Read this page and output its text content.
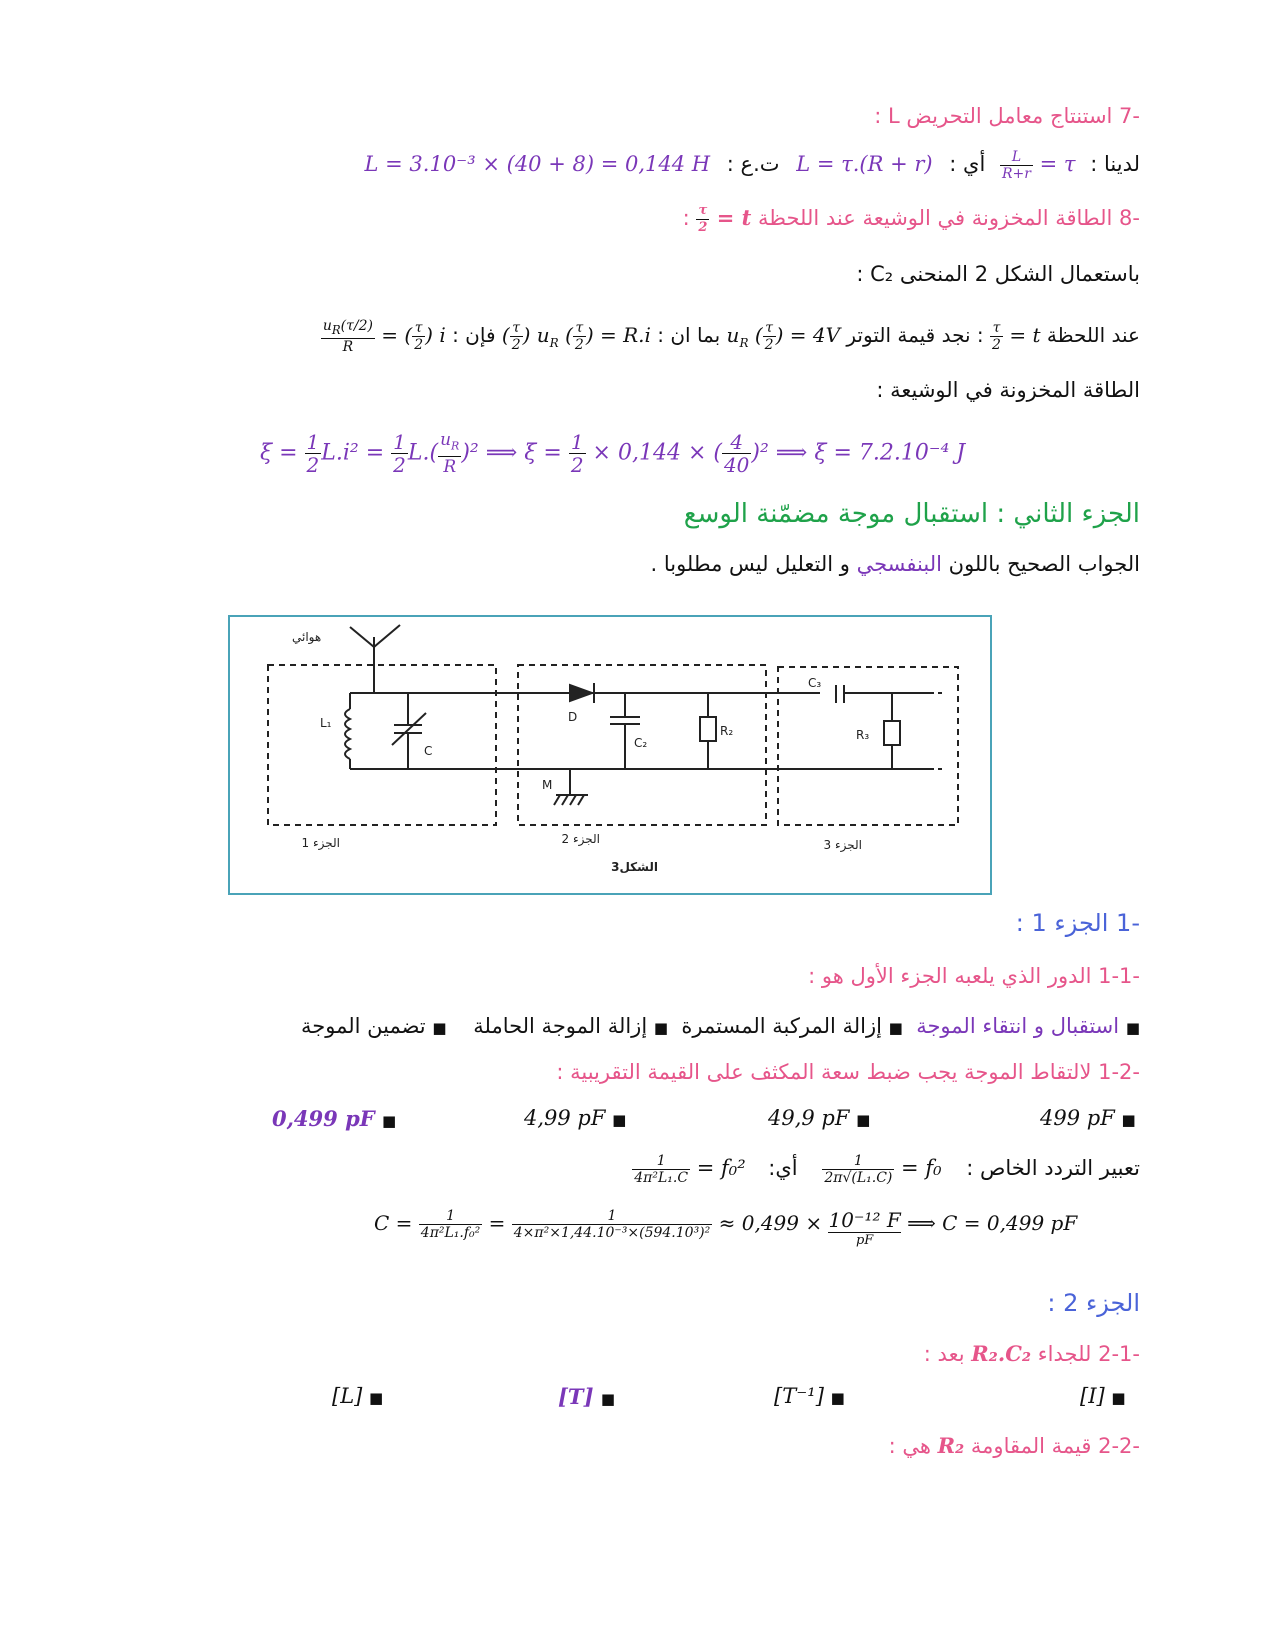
-7 استنتاج معامل التحريض L :
لدينا : τ =
$\frac{L}{R+r}$
أي : L = τ.(R + r) ت.ع : L = 3.10⁻³ × (40 + 8) = 0,144 H
-8 الطاقة المخزونة في الوشيعة عند اللحظة t =
$\frac{\tau}{2}$
:
باستعمال الشكل 2 المنحنى C₂ :
عند اللحظة t =
$\frac{\tau}{2}$
: نجد قيمة التوتر $u_R$ ( $\frac{\tau}{2}$ ) = 4V بما ان : $u_R$ ( $\frac{\tau}{2}$
) = R.i (
$\frac{\tau}{2}$
) فإن : i (
$\frac{\tau}{2}$
) =
$\frac{u_R(\tau/2)}{R}$
الطاقة المخزونة في الوشيعة :
$\xi = \frac{1}{2} L.i^2 = \frac{1}{2} L.( \frac{u_R}{R} )^2$ ⟹ $\xi = \frac{1}{2} \times 0,144$ × ( $\frac{4}{40} )^2$ ⟹ ξ = 7.2.10⁻⁴ J
الجزء الثاني : استقبال موجة مضمّنة الوسع
الجواب الصحيح باللون البنفسجي و التعليل ليس مطلوبا .
هوائي
L₁
C
D
C₂
R₂
C₃
R₃
M
الجزء 1	الجزء 2	الجزء 3
الشكل3
-1 الجزء 1 :
-1-1 الدور الذي يلعبه الجزء الأول هو :
■ استقبال و انتقاء الموجة  ■ إزالة المركبة المستمرة  ■ إزالة الموجة الحاملة    ■ تضمين الموجة
-1-2 لالتقاط الموجة يجب ضبط سعة المكثف على القيمة التقريبية :
499 pF ■
49,9 pF ■
4,99 pF ■
0,499 pF ■
تعبير التردد الخاص : f₀ =
$\frac{1}{\text{2π√(L₁.C)}}$
أي: f₀² =
$\frac{1}{\text{4π²L₁.C}}$
$C = \frac{1}{\text{4π²L₁.f₀²}} = \frac{1}{\text{4×π²×1,44.10⁻³×(594.10³)²}} \approx 0,499 \times 10^{-12}$ F
pF
⟹ C = 0,499 pF
الجزء 2 :
-2-1 للجداء R₂.C₂ بعد :
[I] ■
[T⁻¹] ■
[T] ■
[L] ■
-2-2 قيمة المقاومة R₂ هي :
